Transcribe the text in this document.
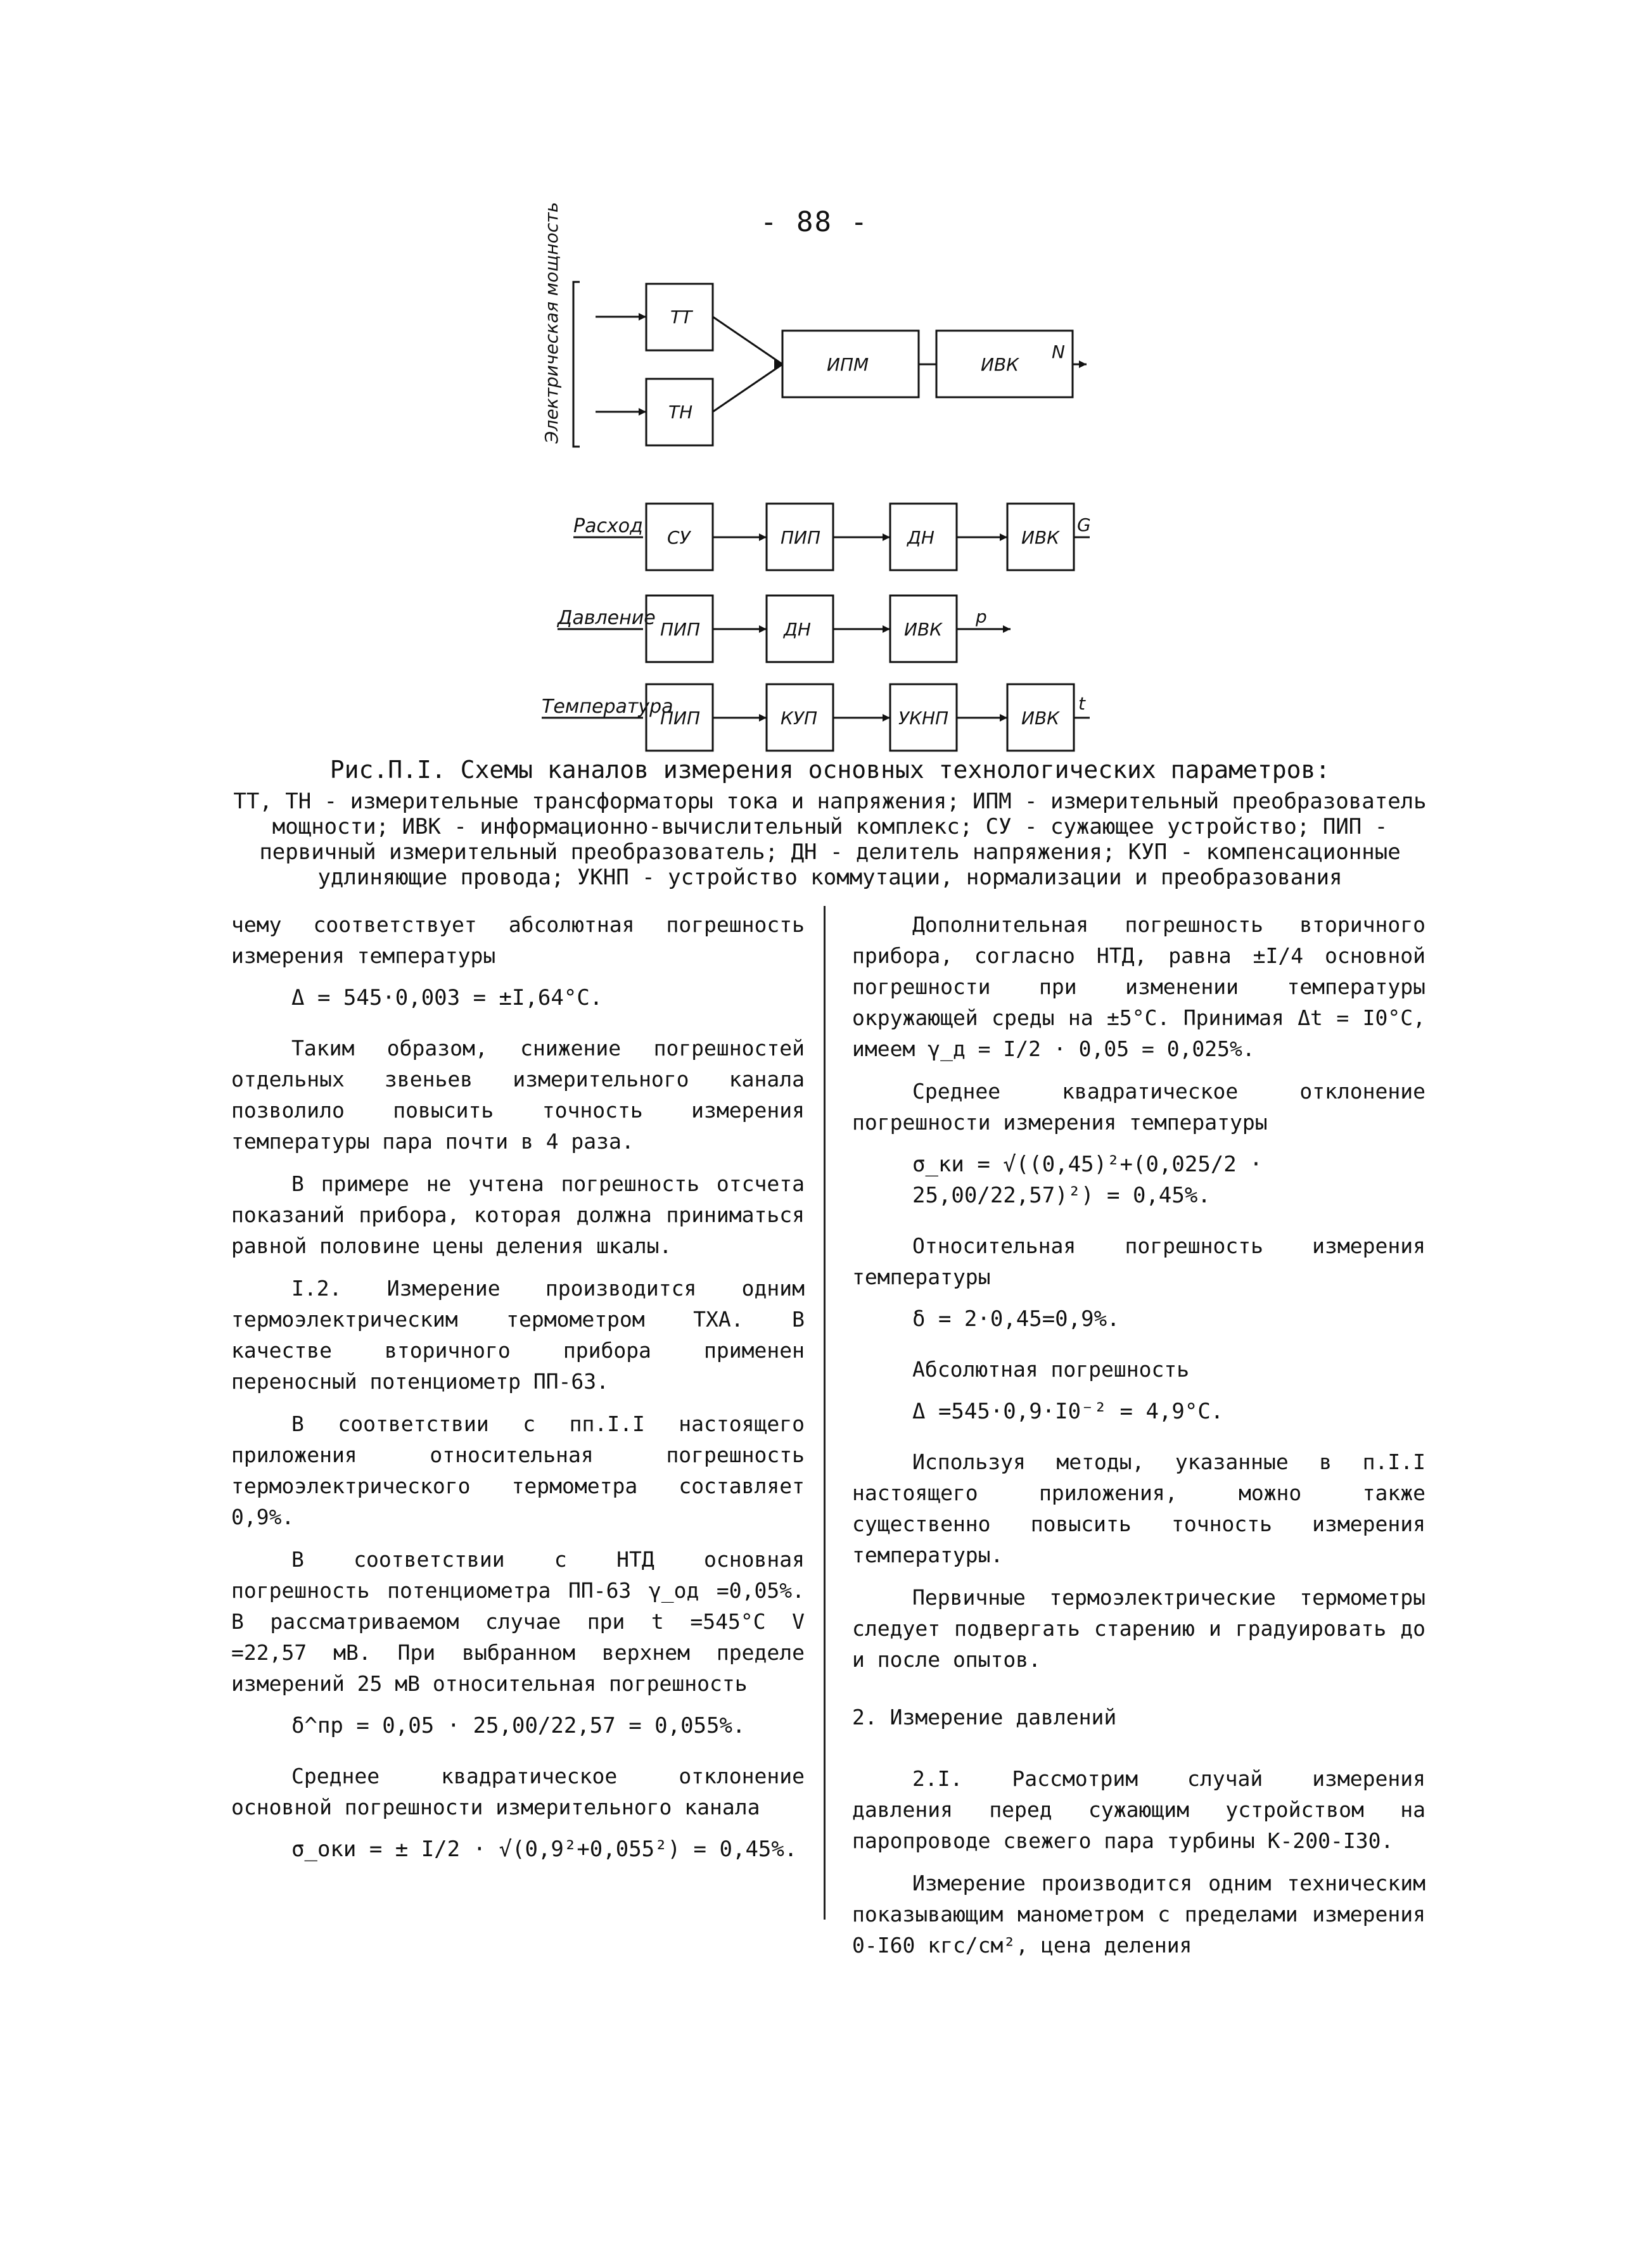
- 88 -
Электрическая мощность	ТТ
ТН
ИПМ	ИВК
N
Расход
СУ	ПИП	ДН	ИВК
G
Давление
ПИП	ДН	ИВК
p
Температура
ПИП	КУП	УКНП	ИВК
t
Рис.П.I. Схемы каналов измерения основных технологических параметров:
ТТ, ТН - измерительные трансформаторы тока и напряжения; ИПМ - измерительный преобразователь мощности; ИВК - информационно-вычислительный комплекс; СУ - сужающее устройство; ПИП - первичный измерительный преобразователь; ДН - делитель напряжения; КУП - компенсационные удлиняющие провода; УКНП - устройство коммутации, нормализации и преобразования

чему соответствует абсолютная погрешность измерения температуры

Δ = 545·0,003 = ±I,64°С.

Таким образом, снижение погрешностей отдельных звеньев измерительного канала позволило повысить точность измерения температуры пара почти в 4 раза.

В примере не учтена погрешность отсчета показаний прибора, которая должна приниматься равной половине цены деления шкалы.

I.2. Измерение производится одним термоэлектрическим термометром ТХА. В качестве вторичного прибора применен переносный потенциометр ПП-63.

В соответствии с пп.I.I настоящего приложения относительная погрешность термоэлектрического термометра составляет 0,9%.

В соответствии с НТД основная погрешность потенциометра ПП-63 γ_од =0,05%. В рассматриваемом случае при t =545°С V =22,57 мВ. При выбранном верхнем пределе измерений 25 мВ относительная погрешность

δ^пр = 0,05 · 25,00/22,57 = 0,055%.

Среднее квадратическое отклонение основной погрешности измерительного канала

σ_оки = ± I/2 · √(0,9²+0,055²) = 0,45%.

Дополнительная погрешность вторичного прибора, согласно НТД, равна ±I/4 основной погрешности при изменении температуры окружающей среды на ±5°С. Принимая Δt = I0°С, имеем γ_д = I/2 · 0,05 = 0,025%.

Среднее квадратическое отклонение погрешности измерения температуры

σ_ки = √((0,45)²+(0,025/2 · 25,00/22,57)²) = 0,45%.

Относительная погрешность измерения температуры

δ = 2·0,45=0,9%.

Абсолютная погрешность

Δ =545·0,9·I0⁻² = 4,9°С.

Используя методы, указанные в п.I.I настоящего приложения, можно также существенно повысить точность измерения температуры.

Первичные термоэлектрические термометры следует подвергать старению и градуировать до и после опытов.

2. Измерение давлений

2.I. Рассмотрим случай измерения давления перед сужающим устройством на паропроводе свежего пара турбины К-200-I30.

Измерение производится одним техническим показывающим манометром с пределами измерения 0-I60 кгс/см², цена деления
